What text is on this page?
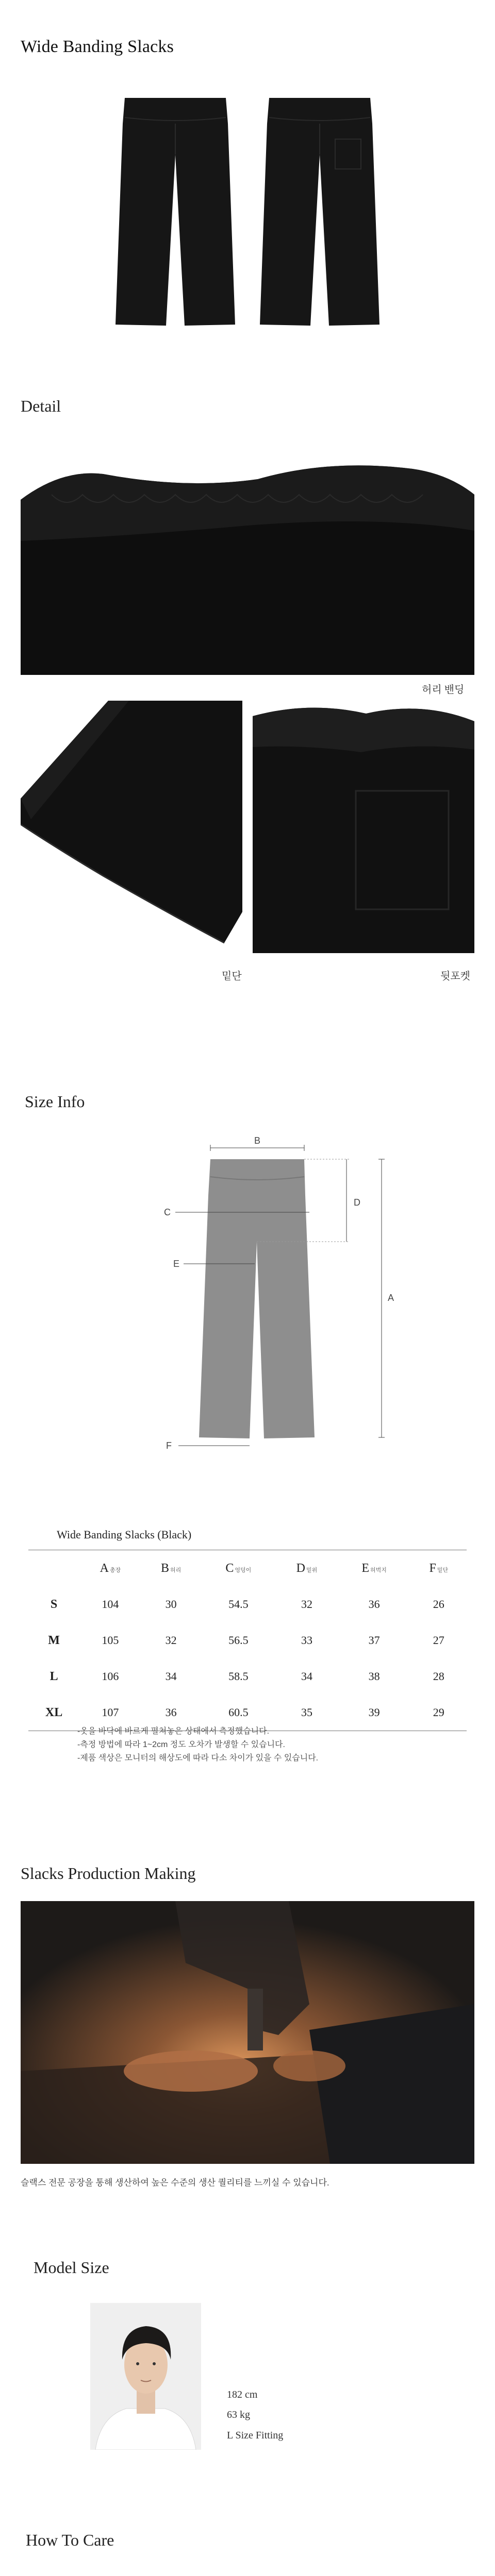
Wide Banding Slacks
Detail
허리 밴딩
밑단	뒷포켓
Size Info
B
D
A
C
E
F
Wide Banding Slacks (Black)
	A 총장	B 허리	C 엉덩이	D 밑위	E 허벅지	F 밑단
S	104	30	54.5	32	36	26
M	105	32	56.5	33	37	27
L	106	34	58.5	34	38	28
XL	107	36	60.5	35	39	29
-옷을 바닥에 바르게 펼쳐놓은 상태에서 측정했습니다.
-측정 방법에 따라 1~2cm 정도 오차가 발생할 수 있습니다.
-제품 색상은 모니터의 해상도에 따라 다소 차이가 있을 수 있습니다.
Slacks Production Making
슬랙스 전문 공장을 통해 생산하여 높은 수준의 생산 퀄리티를 느끼실 수 있습니다.
Model Size
182 cm
63 kg
L Size Fitting
How To Care
